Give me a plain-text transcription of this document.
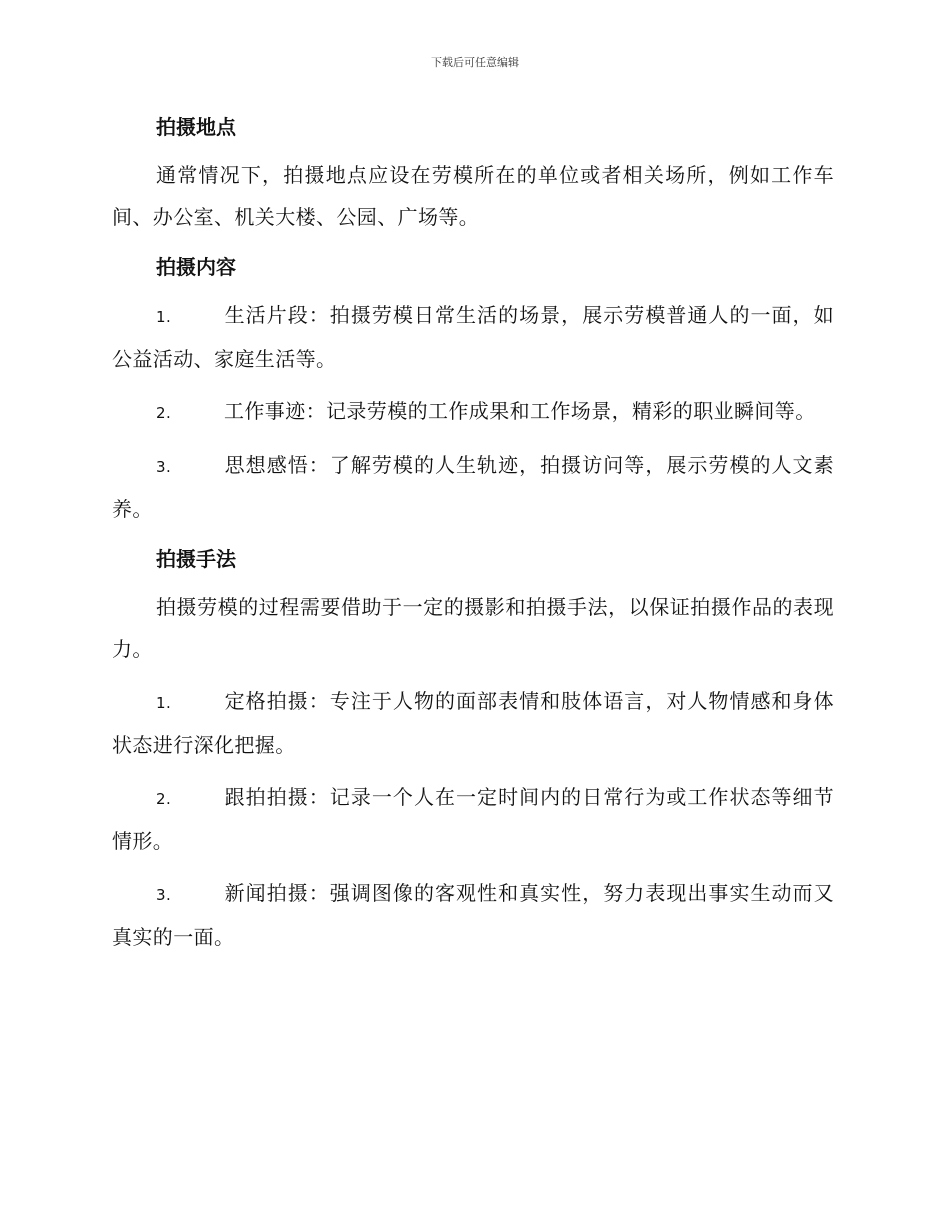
下载后可任意编辑
拍摄地点

通常情况下，拍摄地点应设在劳模所在的单位或者相关场所，例如工作车间、办公室、机关大楼、公园、广场等。

拍摄内容

1.	生活片段：拍摄劳模日常生活的场景，展示劳模普通人的一面，如公益活动、家庭生活等。

2.	工作事迹：记录劳模的工作成果和工作场景，精彩的职业瞬间等。

3.	思想感悟：了解劳模的人生轨迹，拍摄访问等，展示劳模的人文素养。

拍摄手法

拍摄劳模的过程需要借助于一定的摄影和拍摄手法，以保证拍摄作品的表现力。

1.	定格拍摄：专注于人物的面部表情和肢体语言，对人物情感和身体状态进行深化把握。

2.	跟拍拍摄：记录一个人在一定时间内的日常行为或工作状态等细节情形。

3.	新闻拍摄：强调图像的客观性和真实性，努力表现出事实生动而又真实的一面。
